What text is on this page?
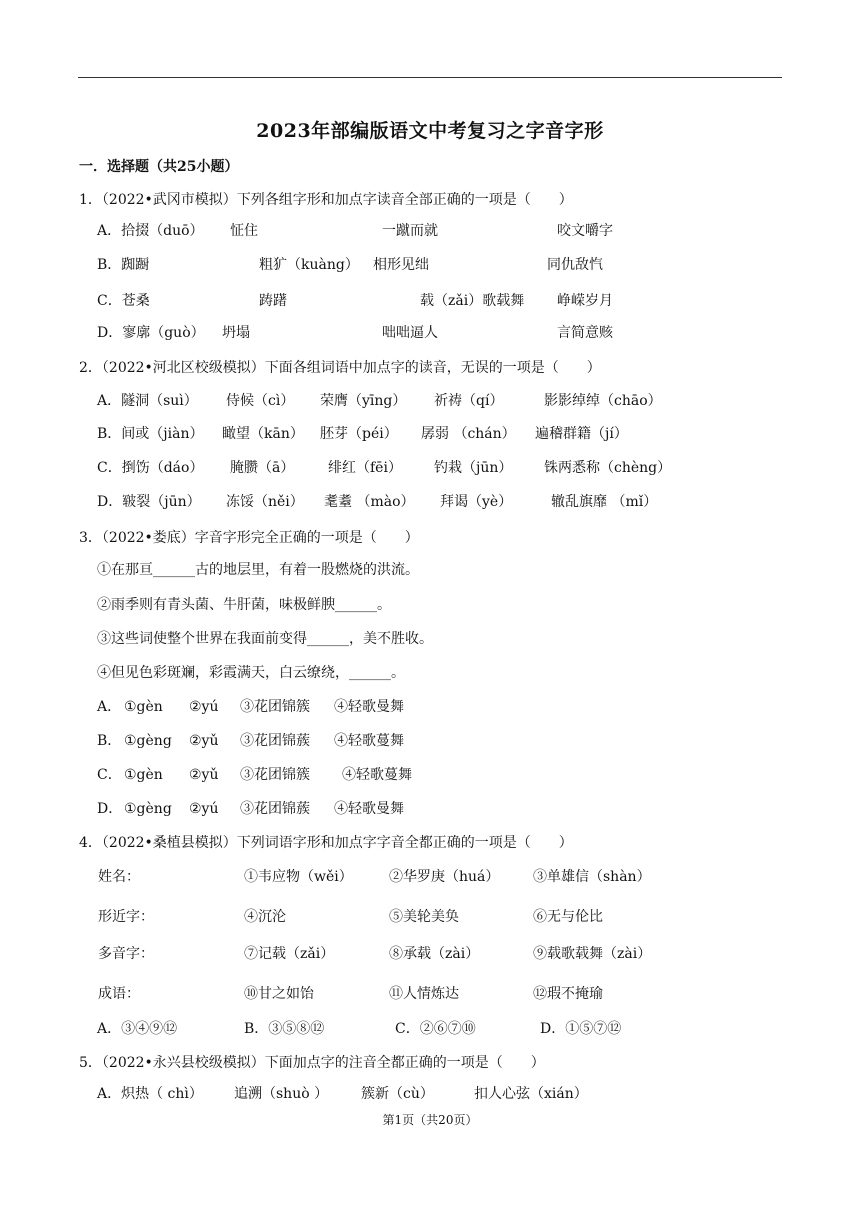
2023年部编版语文中考复习之字音字形
一．选择题（共25小题）
1．（2022•武冈市模拟）下列各组字形和加点字读音全部正确的一项是（　　）
A．拾掇（duō） 怔住	一蹴而就	咬文嚼字
B．踟蹰	粗犷（kuàng） 相形见绌	同仇敌忾
C．苍桑	踌躇	载（zǎi）歌载舞 峥嵘岁月
D．寥廓（guò） 坍塌	咄咄逼人	言简意赅
2．（2022•河北区校级模拟）下面各组词语中加点字的读音，无误的一项是（　　）
A．隧洞（suì） 侍候（cì） 荣膺（yīng） 祈祷（qí）	影影绰绰（chāo）
B．间或（jiàn） 瞰望（kān） 胚芽（péi） 孱弱 （chán） 遍稽群籍（jí）
C．捯饬（dáo） 腌臜（ā） 绯红（fēi） 钓栽（jūn） 铢两悉称（chèng）
D．皲裂（jūn） 冻馁（něi） 耄耋 （mào） 拜谒（yè）	辙乱旗靡 （mǐ）
3．（2022•娄底）字音字形完全正确的一项是（　　）
①在那亘______古的地层里，有着一股燃烧的洪流。
②雨季则有青头菌、牛肝菌，味极鲜腴______。
③这些词使整个世界在我面前变得______，美不胜收。
④但见色彩斑斓，彩霞满天，白云缭绕，______。
A． ①gèn ②yú ③花团锦簇 ④轻歌曼舞
B． ①gèng ②yǔ ③花团锦蔟 ④轻歌蔓舞
C． ①gèn ②yǔ ③花团锦簇 ④轻歌蔓舞
D． ①gèng ②yú ③花团锦蔟 ④轻歌曼舞
4．（2022•桑植县模拟）下列词语字形和加点字字音全都正确的一项是（　　）
姓名：	①韦应物（wěi）	②华罗庚（huá） ③单雄信（shàn）
形近字：	④沉沦	⑤美轮美奂	⑥无与伦比
多音字：	⑦记载（zǎi）	⑧承载（zài）	⑨载歌载舞（zài）
成语：	⑩甘之如饴	⑪人情炼达	⑫瑕不掩瑜
A．③④⑨⑫	B．③⑤⑧⑫	C．②⑥⑦⑩	D．①⑤⑦⑫
5．（2022•永兴县校级模拟）下面加点字的注音全都正确的一项是（　　）
A．炽热（ chì） 追溯（shuò ） 簇新（cù）	扣人心弦（xián）
第1页（共20页）
